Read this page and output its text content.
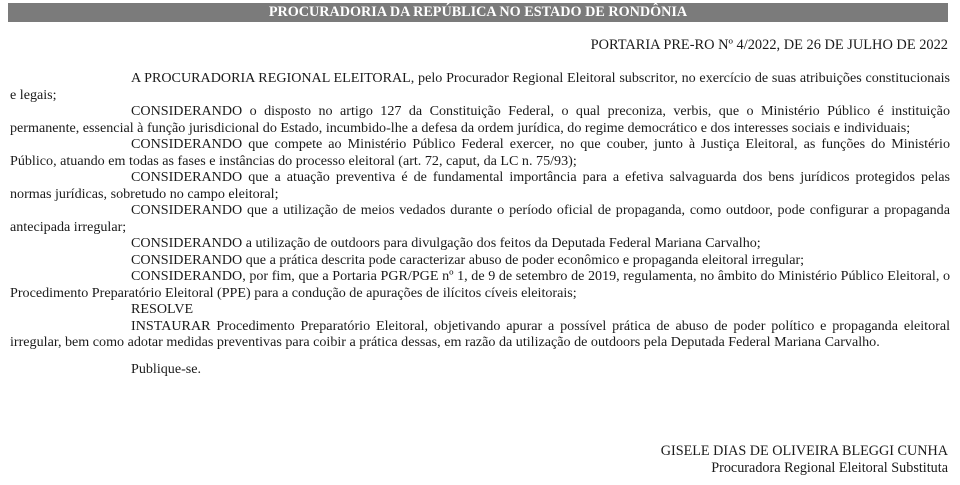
PROCURADORIA DA REPÚBLICA NO ESTADO DE RONDÔNIA
PORTARIA PRE-RO Nº 4/2022, DE 26 DE JULHO DE 2022

A PROCURADORIA REGIONAL ELEITORAL, pelo Procurador Regional Eleitoral subscritor, no exercício de suas atribuições constitucionais e legais;

CONSIDERANDO o disposto no artigo 127 da Constituição Federal, o qual preconiza, verbis, que o Ministério Público é instituição permanente, essencial à função jurisdicional do Estado, incumbido-lhe a defesa da ordem jurídica, do regime democrático e dos interesses sociais e individuais;

CONSIDERANDO que compete ao Ministério Público Federal exercer, no que couber, junto à Justiça Eleitoral, as funções do Ministério Público, atuando em todas as fases e instâncias do processo eleitoral (art. 72, caput, da LC n. 75/93);

CONSIDERANDO que a atuação preventiva é de fundamental importância para a efetiva salvaguarda dos bens jurídicos protegidos pelas normas jurídicas, sobretudo no campo eleitoral;

CONSIDERANDO que a utilização de meios vedados durante o período oficial de propaganda, como outdoor, pode configurar a propaganda antecipada irregular;

CONSIDERANDO a utilização de outdoors para divulgação dos feitos da Deputada Federal Mariana Carvalho;

CONSIDERANDO que a prática descrita pode caracterizar abuso de poder econômico e propaganda eleitoral irregular;

CONSIDERANDO, por fim, que a Portaria PGR/PGE nº 1, de 9 de setembro de 2019, regulamenta, no âmbito do Ministério Público Eleitoral, o Procedimento Preparatório Eleitoral (PPE) para a condução de apurações de ilícitos cíveis eleitorais;

RESOLVE

INSTAURAR Procedimento Preparatório Eleitoral, objetivando apurar a possível prática de abuso de poder político e propaganda eleitoral irregular, bem como adotar medidas preventivas para coibir a prática dessas, em razão da utilização de outdoors pela Deputada Federal Mariana Carvalho.

Publique-se.

GISELE DIAS DE OLIVEIRA BLEGGI CUNHA
Procuradora Regional Eleitoral Substituta
